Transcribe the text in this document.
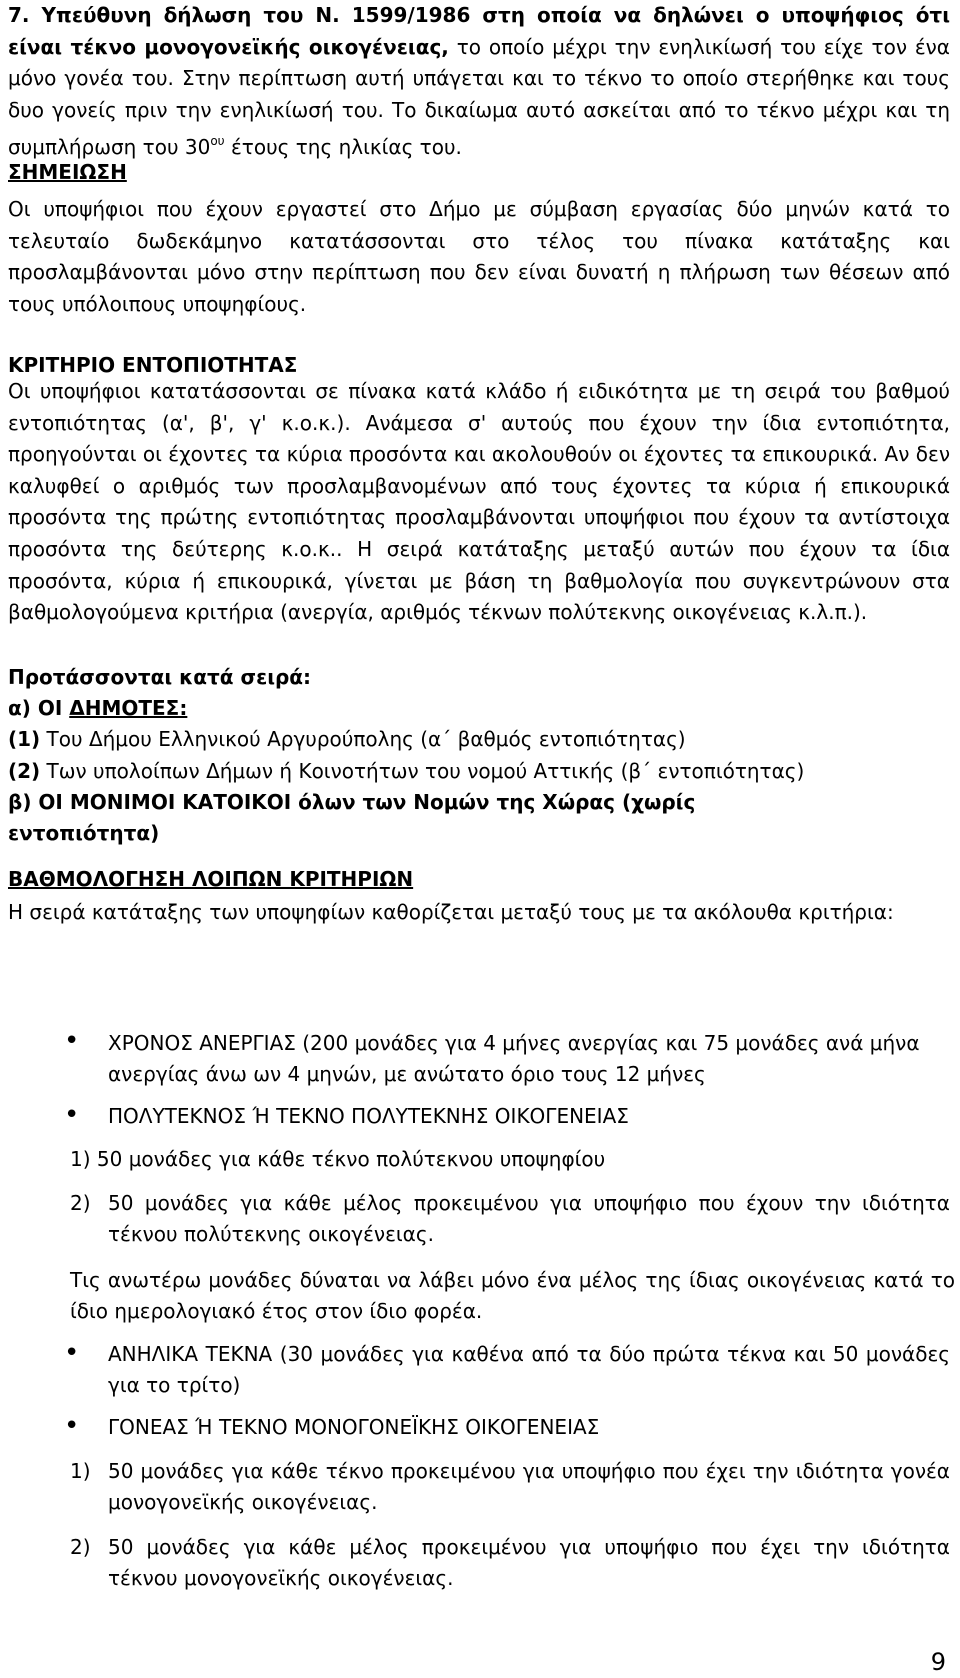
7. Υπεύθυνη δήλωση του Ν. 1599/1986 στη οποία να δηλώνει ο υποψήφιος ότι είναι τέκνο μονογονεϊκής οικογένειας, το οποίο μέχρι την ενηλικίωσή του είχε τον ένα μόνο γονέα του. Στην περίπτωση αυτή υπάγεται και το τέκνο το οποίο στερήθηκε και τους δυο γονείς πριν την ενηλικίωσή του. Το δικαίωμα αυτό ασκείται από το τέκνο μέχρι και τη συμπλήρωση του $30^{o\upsilon}$ έτους της ηλικίας του.
ΣΗΜΕΙΩΣΗ
Οι υποψήφιοι που έχουν εργαστεί στο Δήμο με σύμβαση εργασίας δύο μηνών κατά το τελευταίο δωδεκάμηνο κατατάσσονται στο τέλος του πίνακα κατάταξης και προσλαμβάνονται μόνο στην περίπτωση που δεν είναι δυνατή η πλήρωση των θέσεων από τους υπόλοιπους υποψηφίους.
ΚΡΙΤΗΡΙΟ ΕΝΤΟΠΙΟΤΗΤΑΣ
Οι υποψήφιοι κατατάσσονται σε πίνακα κατά κλάδο ή ειδικότητα με τη σειρά του βαθμού εντοπιότητας (α', β', γ' κ.ο.κ.). Ανάμεσα σ' αυτούς που έχουν την ίδια εντοπιότητα, προηγούνται οι έχοντες τα κύρια προσόντα και ακολουθούν οι έχοντες τα επικουρικά. Αν δεν καλυφθεί ο αριθμός των προσλαμβανομένων από τους έχοντες τα κύρια ή επικουρικά προσόντα της πρώτης εντοπιότητας προσλαμβάνονται υποψήφιοι που έχουν τα αντίστοιχα προσόντα της δεύτερης κ.ο.κ.. Η σειρά κατάταξης μεταξύ αυτών που έχουν τα ίδια προσόντα, κύρια ή επικουρικά, γίνεται με βάση τη βαθμολογία που συγκεντρώνουν στα βαθμολογούμενα κριτήρια (ανεργία, αριθμός τέκνων πολύτεκνης οικογένειας κ.λ.π.).
Προτάσσονται κατά σειρά:
α) ΟΙ ΔΗΜΟΤΕΣ:
(1) Του Δήμου Ελληνικού Αργυρούπολης (α΄ βαθμός εντοπιότητας)
(2) Των υπολοίπων Δήμων ή Κοινοτήτων του νομού Αττικής (β΄ εντοπιότητας)
β) ΟΙ ΜΟΝΙΜΟΙ ΚΑΤΟΙΚΟΙ όλων των Νομών της Χώρας (χωρίς
εντοπιότητα)
ΒΑΘΜΟΛΟΓΗΣΗ ΛΟΙΠΩΝ ΚΡΙΤΗΡΙΩΝ
Η σειρά κατάταξης των υποψηφίων καθορίζεται μεταξύ τους με τα ακόλουθα κριτήρια:
• ΧΡΟΝΟΣ ΑΝΕΡΓΙΑΣ (200 μονάδες για 4 μήνες ανεργίας και 75 μονάδες ανά μήνα ανεργίας άνω ων 4 μηνών, με ανώτατο όριο τους 12 μήνες
• ΠΟΛΥΤΕΚΝΟΣ Ή ΤΕΚΝΟ ΠΟΛΥΤΕΚΝΗΣ ΟΙΚΟΓΕΝΕΙΑΣ
1) 50 μονάδες για κάθε τέκνο πολύτεκνου υποψηφίου
2) 50 μονάδες για κάθε μέλος προκειμένου για υποψήφιο που έχουν την ιδιότητα τέκνου πολύτεκνης οικογένειας.
Τις ανωτέρω μονάδες δύναται να λάβει μόνο ένα μέλος της ίδιας οικογένειας κατά το ίδιο ημερολογιακό έτος στον ίδιο φορέα.
• ΑΝΗΛΙΚΑ ΤΕΚΝΑ (30 μονάδες για καθένα από τα δύο πρώτα τέκνα και 50 μονάδες για το τρίτο)
• ΓΟΝΕΑΣ Ή ΤΕΚΝΟ ΜΟΝΟΓΟΝΕΪΚΗΣ ΟΙΚΟΓΕΝΕΙΑΣ
1) 50 μονάδες για κάθε τέκνο προκειμένου για υποψήφιο που έχει την ιδιότητα γονέα μονογονεϊκής οικογένειας.
2) 50 μονάδες για κάθε μέλος προκειμένου για υποψήφιο που έχει την ιδιότητα τέκνου μονογονεϊκής οικογένειας.
9
